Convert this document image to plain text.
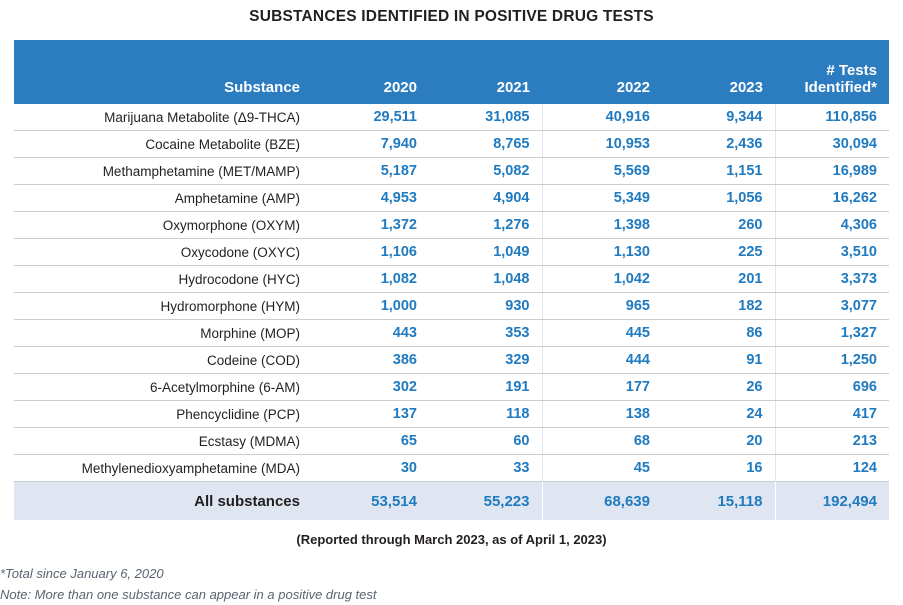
SUBSTANCES IDENTIFIED IN POSITIVE DRUG TESTS
Substance	2020	2021	2022	2023	# Tests
Identified*
Marijuana Metabolite (Δ9-THCA)	29,511	31,085	40,916	9,344	110,856
Cocaine Metabolite (BZE)	7,940	8,765	10,953	2,436	30,094
Methamphetamine (MET/MAMP)	5,187	5,082	5,569	1,151	16,989
Amphetamine (AMP)	4,953	4,904	5,349	1,056	16,262
Oxymorphone (OXYM)	1,372	1,276	1,398	260	4,306
Oxycodone (OXYC)	1,106	1,049	1,130	225	3,510
Hydrocodone (HYC)	1,082	1,048	1,042	201	3,373
Hydromorphone (HYM)	1,000	930	965	182	3,077
Morphine (MOP)	443	353	445	86	1,327
Codeine (COD)	386	329	444	91	1,250
6-Acetylmorphine (6-AM)	302	191	177	26	696
Phencyclidine (PCP)	137	118	138	24	417
Ecstasy (MDMA)	65	60	68	20	213
Methylenedioxyamphetamine (MDA)	30	33	45	16	124
All substances	53,514	55,223	68,639	15,118	192,494
(Reported through March 2023, as of April 1, 2023)
*Total since January 6, 2020
Note: More than one substance can appear in a positive drug test
